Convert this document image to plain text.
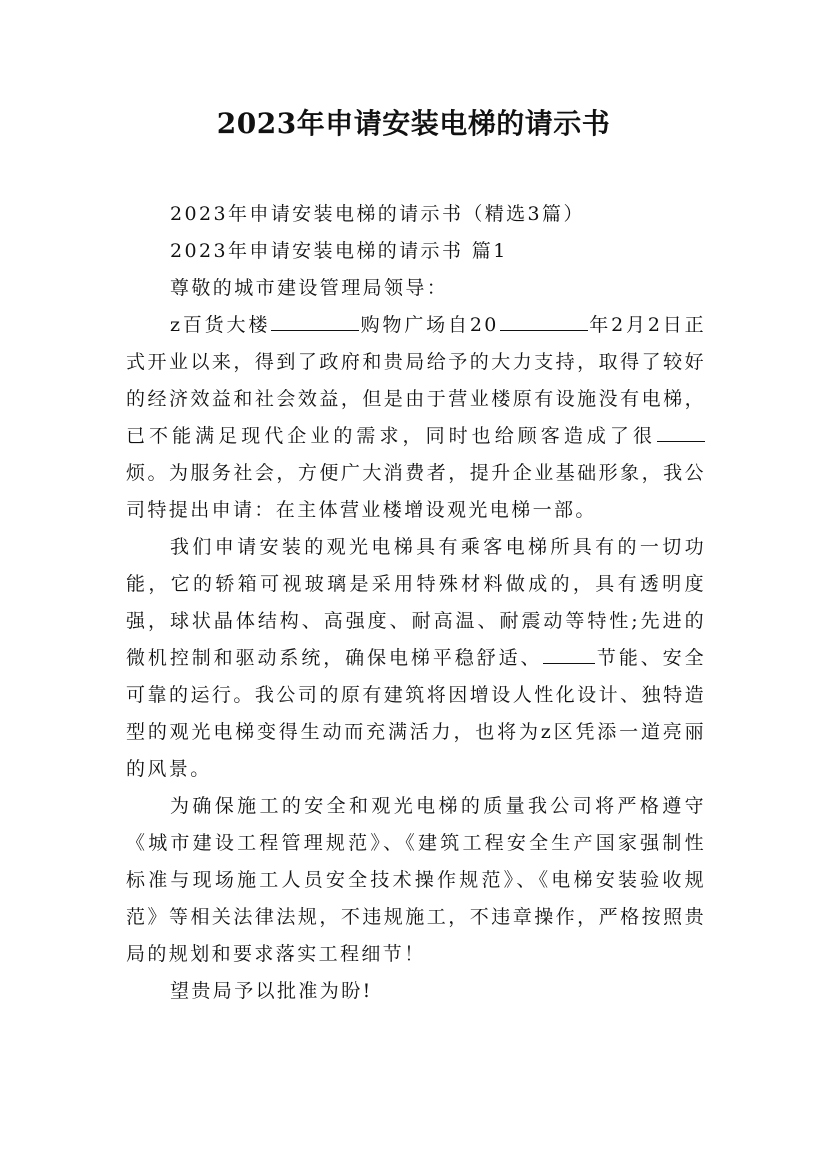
2023年申请安装电梯的请示书

2023年申请安装电梯的请示书（精选3篇）

2023年申请安装电梯的请示书 篇1

尊敬的城市建设管理局领导：

z百货大楼	购物广场自20	年2月2日正式开业以来，得到了政府和贵局给予的大力支持，取得了较好的经济效益和社会效益，但是由于营业楼原有设施没有电梯，已不能满足现代企业的需求，同时也给顾客造成了很烦。为服务社会，方便广大消费者，提升企业基础形象，我公司特提出申请：在主体营业楼增设观光电梯一部。

我们申请安装的观光电梯具有乘客电梯所具有的一切功能，它的轿箱可视玻璃是采用特殊材料做成的，具有透明度强，球状晶体结构、高强度、耐高温、耐震动等特性;先进的微机控制和驱动系统，确保电梯平稳舒适、	节能、安全可靠的运行。我公司的原有建筑将因增设人性化设计、独特造型的观光电梯变得生动而充满活力，也将为z区凭添一道亮丽的风景。

为确保施工的安全和观光电梯的质量我公司将严格遵守《城市建设工程管理规范》、《建筑工程安全生产国家强制性标准与现场施工人员安全技术操作规范》、《电梯安装验收规范》等相关法律法规，不违规施工，不违章操作，严格按照贵局的规划和要求落实工程细节！

望贵局予以批准为盼!
